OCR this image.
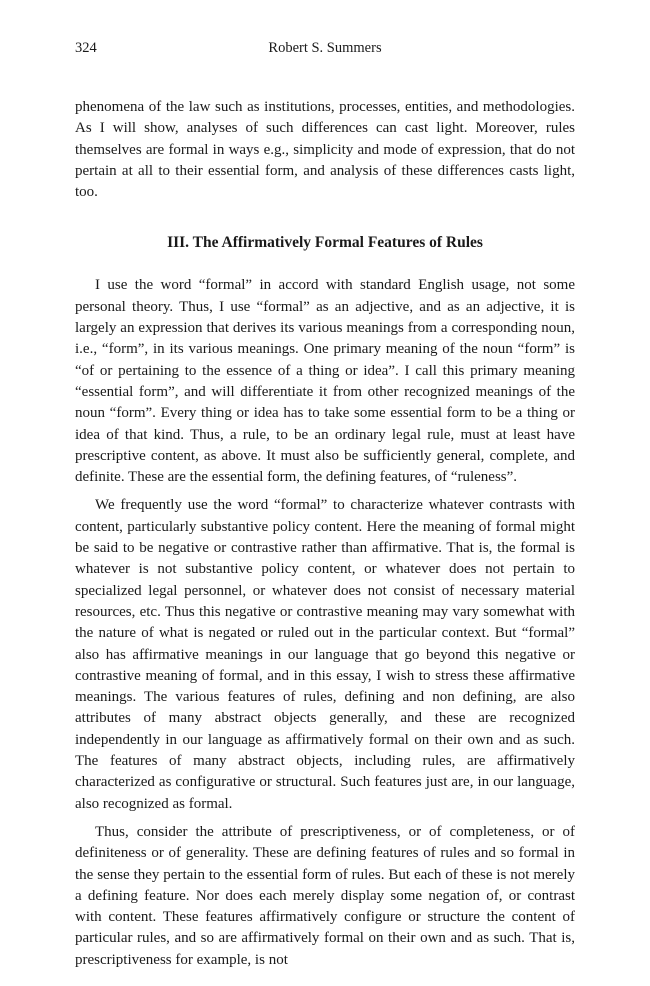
324	Robert S. Summers

phenomena of the law such as institutions, processes, entities, and methodologies. As I will show, analyses of such differences can cast light. Moreover, rules themselves are formal in ways e.g., simplicity and mode of expression, that do not pertain at all to their essential form, and analysis of these differences casts light, too.

III. The Affirmatively Formal Features of Rules

I use the word “formal” in accord with standard English usage, not some personal theory. Thus, I use “formal” as an adjective, and as an adjective, it is largely an expression that derives its various meanings from a corresponding noun, i.e., “form”, in its various meanings. One primary meaning of the noun “form” is “of or pertaining to the essence of a thing or idea”. I call this primary meaning “essential form”, and will differentiate it from other recognized meanings of the noun “form”. Every thing or idea has to take some essential form to be a thing or idea of that kind. Thus, a rule, to be an ordinary legal rule, must at least have prescriptive content, as above. It must also be sufficiently general, complete, and definite. These are the essential form, the defining features, of “ruleness”.

We frequently use the word “formal” to characterize whatever contrasts with content, particularly substantive policy content. Here the meaning of formal might be said to be negative or contrastive rather than affirmative. That is, the formal is whatever is not substantive policy content, or whatever does not pertain to specialized legal personnel, or whatever does not consist of necessary material resources, etc. Thus this negative or contrastive meaning may vary somewhat with the nature of what is negated or ruled out in the particular context. But “formal” also has affirmative meanings in our language that go beyond this negative or contrastive meaning of formal, and in this essay, I wish to stress these affirmative meanings. The various features of rules, defining and non defining, are also attributes of many abstract objects generally, and these are recognized independently in our language as affirmatively formal on their own and as such. The features of many abstract objects, including rules, are affirmatively characterized as configurative or structural. Such features just are, in our language, also recognized as formal.

Thus, consider the attribute of prescriptiveness, or of completeness, or of definiteness or of generality. These are defining features of rules and so formal in the sense they pertain to the essential form of rules. But each of these is not merely a defining feature. Nor does each merely display some negation of, or contrast with content. These features affirmatively configure or structure the content of particular rules, and so are affirmatively formal on their own and as such. That is, prescriptiveness for example, is not
